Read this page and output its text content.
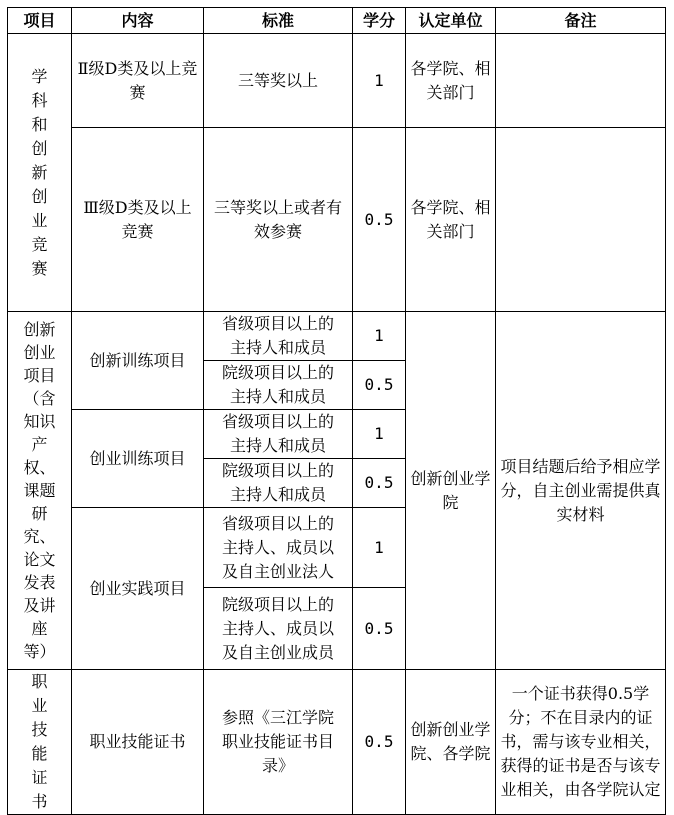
项目	内容	标准	学分	认定单位	备注
学科和创新创业竞赛	Ⅱ级D类及以上竞赛	三等奖以上	1	各学院、相关部门	
	Ⅲ级D类及以上竞赛	三等奖以上或者有效参赛	0.5	各学院、相关部门	
创新创业项目（含知识产权、课题研究、论文发表及讲座等）	创新训练项目	省级项目以上的主持人和成员	1	创新创业学院	项目结题后给予相应学分，自主创业需提供真实材料
		院级项目以上的主持人和成员	0.5		
	创业训练项目	省级项目以上的主持人和成员	1		
		院级项目以上的主持人和成员	0.5		
	创业实践项目	省级项目以上的主持人、成员以及自主创业法人	1		
		院级项目以上的主持人、成员以及自主创业成员	0.5		
职业技能证书	职业技能证书	参照《三江学院职业技能证书目录》	0.5	创新创业学院、各学院	一个证书获得0.5学分；不在目录内的证书，需与该专业相关，获得的证书是否与该专业相关，由各学院认定
